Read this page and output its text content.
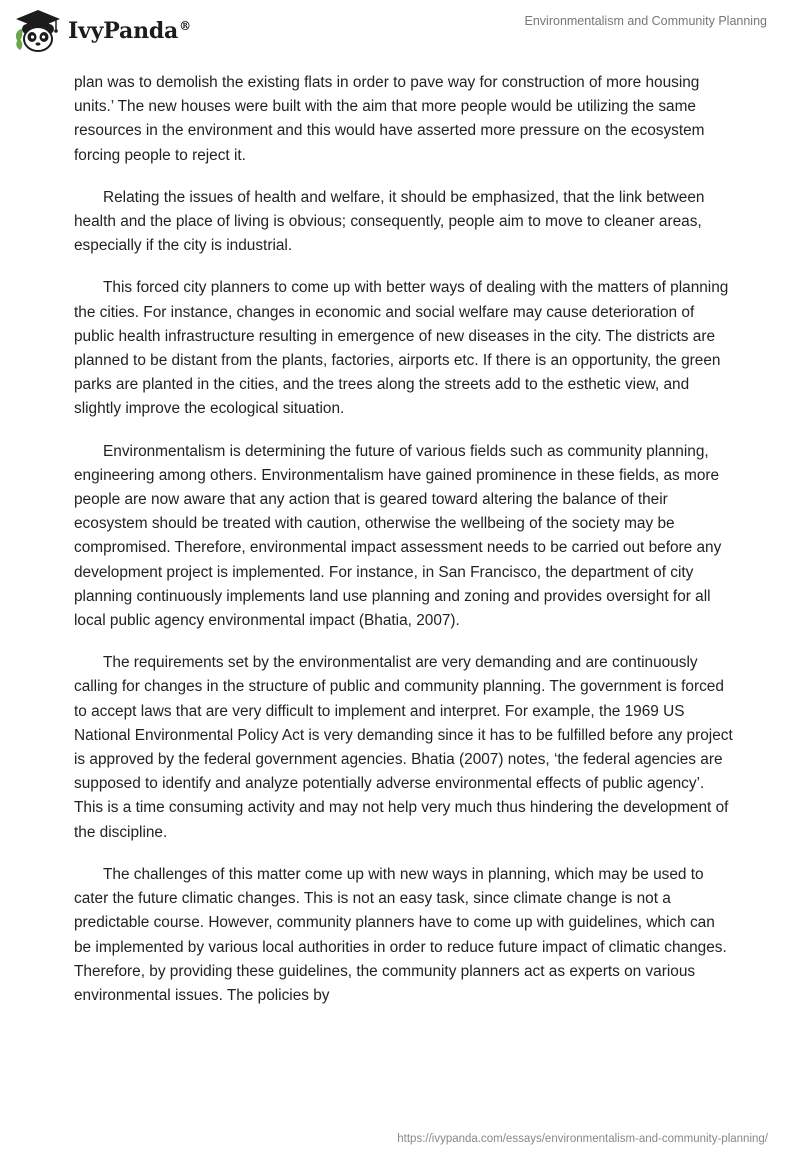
IvyPanda®	Environmentalism and Community Planning

plan was to demolish the existing flats in order to pave way for construction of more housing units.’ The new houses were built with the aim that more people would be utilizing the same resources in the environment and this would have asserted more pressure on the ecosystem forcing people to reject it.

Relating the issues of health and welfare, it should be emphasized, that the link between health and the place of living is obvious; consequently, people aim to move to cleaner areas, especially if the city is industrial.

This forced city planners to come up with better ways of dealing with the matters of planning the cities. For instance, changes in economic and social welfare may cause deterioration of public health infrastructure resulting in emergence of new diseases in the city. The districts are planned to be distant from the plants, factories, airports etc. If there is an opportunity, the green parks are planted in the cities, and the trees along the streets add to the esthetic view, and slightly improve the ecological situation.

Environmentalism is determining the future of various fields such as community planning, engineering among others. Environmentalism have gained prominence in these fields, as more people are now aware that any action that is geared toward altering the balance of their ecosystem should be treated with caution, otherwise the wellbeing of the society may be compromised. Therefore, environmental impact assessment needs to be carried out before any development project is implemented. For instance, in San Francisco, the department of city planning continuously implements land use planning and zoning and provides oversight for all local public agency environmental impact (Bhatia, 2007).

The requirements set by the environmentalist are very demanding and are continuously calling for changes in the structure of public and community planning. The government is forced to accept laws that are very difficult to implement and interpret. For example, the 1969 US National Environmental Policy Act is very demanding since it has to be fulfilled before any project is approved by the federal government agencies. Bhatia (2007) notes, ‘the federal agencies are supposed to identify and analyze potentially adverse environmental effects of public agency’. This is a time consuming activity and may not help very much thus hindering the development of the discipline.

The challenges of this matter come up with new ways in planning, which may be used to cater the future climatic changes. This is not an easy task, since climate change is not a predictable course. However, community planners have to come up with guidelines, which can be implemented by various local authorities in order to reduce future impact of climatic changes. Therefore, by providing these guidelines, the community planners act as experts on various environmental issues. The policies by

https://ivypanda.com/essays/environmentalism-and-community-planning/
